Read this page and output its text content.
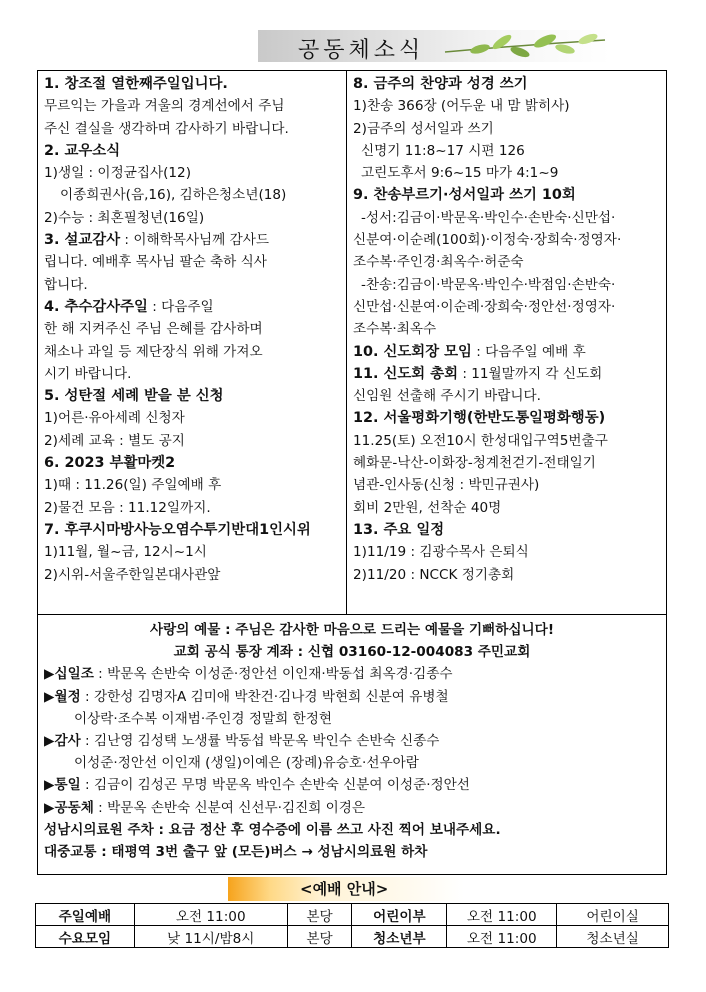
공동체소식

1. 창조절 열한째주일입니다.

무르익는 가을과 겨울의 경계선에서 주님

주신 결실을 생각하며 감사하기 바랍니다.

2. 교우소식

1)생일 : 이정균집사(12)

이종희권사(음,16), 김하은청소년(18)

2)수능 : 최혼필청년(16일)

3. 설교감사 : 이해학목사님께 감사드

립니다. 예배후 목사님 팔순 축하 식사

합니다.

4. 추수감사주일 : 다음주일

한 해 지켜주신 주님 은혜를 감사하며

채소나 과일 등 제단장식 위해 가져오

시기 바랍니다.

5. 성탄절 세례 받을 분 신청

1)어른·유아세례 신청자

2)세례 교육 : 별도 공지

6. 2023 부활마켓2

1)때 : 11.26(일) 주일예배 후

2)물건 모음 : 11.12일까지.

7. 후쿠시마방사능오염수투기반대1인시위

1)11월, 월~금, 12시~1시

2)시위-서울주한일본대사관앞

8. 금주의 찬양과 성경 쓰기

1)찬송 366장 (어두운 내 맘 밝히사)

2)금주의 성서일과 쓰기

신명기 11:8~17 시편 126

고린도후서 9:6~15 마가 4:1~9

9. 찬송부르기·성서일과 쓰기 10회

-성서:김금이·박문옥·박인수·손반숙·신만섭·

신분여·이순례(100회)·이정숙·장희숙·정영자·

조수복·주인경·최옥수·허준숙

-찬송:김금이·박문옥·박인수·박점임·손반숙·

신만섭·신분여·이순례·장희숙·정안선·정영자·

조수복·최옥수

10. 신도회장 모임 : 다음주일 예배 후

11. 신도회 총회 : 11월말까지 각 신도회

신임원 선출해 주시기 바랍니다.

12. 서울평화기행(한반도통일평화행동)

11.25(토) 오전10시 한성대입구역5번출구

혜화문-낙산-이화장-청계천걷기-전태일기

념관-인사동(신청 : 박민규권사)

회비 2만원, 선착순 40명

13. 주요 일정

1)11/19 : 김광수목사 은퇴식

2)11/20 : NCCK 정기총회

사랑의 예물 : 주님은 감사한 마음으로 드리는 예물을 기뻐하십니다!

교회 공식 통장 계좌 : 신협 03160-12-004083 주민교회

▶십일조 : 박문옥 손반숙 이성준·정안선 이인재·박동섭 최옥경·김종수

▶월정 : 강한성 김명자A 김미애 박찬건·김나경 박현희 신분여 유병철

이상락·조수복 이재범·주인경 정말희 한정현

▶감사 : 김난영 김성택 노생률 박동섭 박문옥 박인수 손반숙 신종수

이성준·정안선 이인재 (생일)이예은 (장례)유승호·선우아람

▶통일 : 김금이 김성곤 무명 박문옥 박인수 손반숙 신분여 이성준·정안선

▶공동체 : 박문옥 손반숙 신분여 신선무·김진희 이경은

성남시의료원 주차 : 요금 정산 후 영수증에 이름 쓰고 사진 찍어 보내주세요.

대중교통 : 태평역 3번 출구 앞 (모든)버스 → 성남시의료원 하차

<예배 안내>
주일예배	오전 11:00	본당	어린이부	오전 11:00	어린이실
수요모임	낮 11시/밤8시	본당	청소년부	오전 11:00	청소년실
